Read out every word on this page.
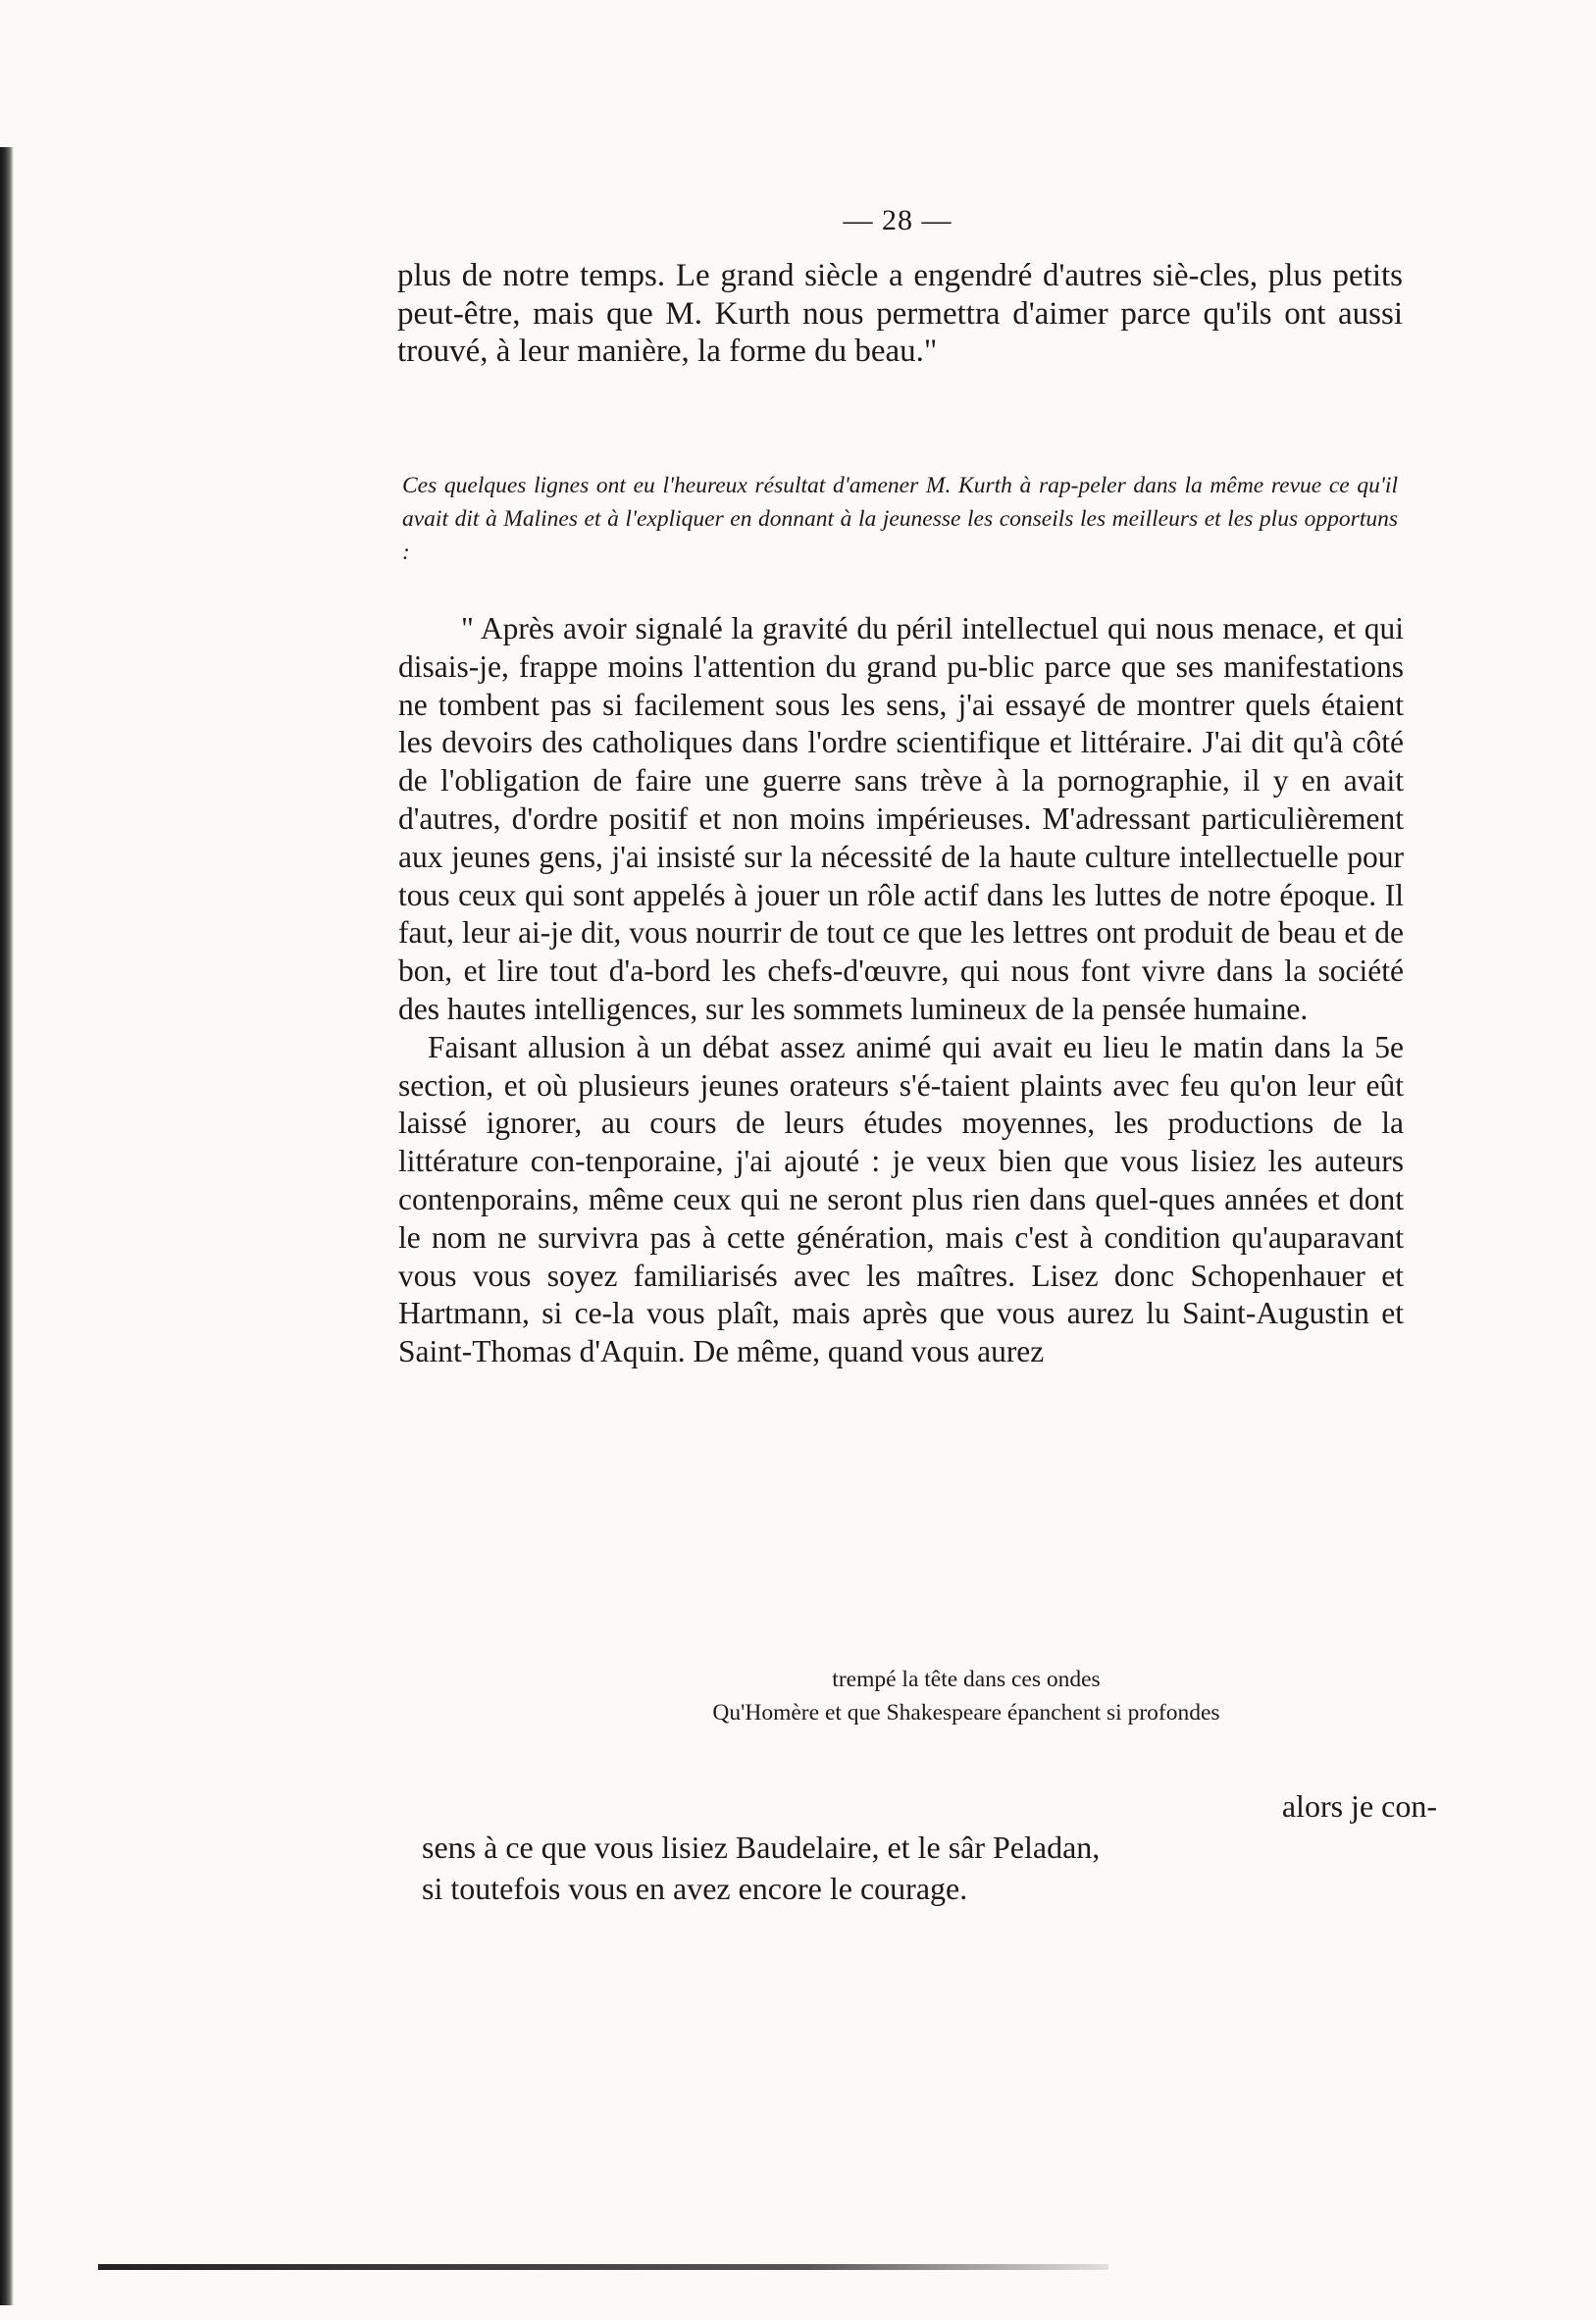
— 28 —

plus de notre temps. Le grand siècle a engendré d'autres siè-cles, plus petits peut-être, mais que M. Kurth nous permettra d'aimer parce qu'ils ont aussi trouvé, à leur manière, la forme du beau."

Ces quelques lignes ont eu l'heureux résultat d'amener M. Kurth à rap-peler dans la même revue ce qu'il avait dit à Malines et à l'expliquer en donnant à la jeunesse les conseils les meilleurs et les plus opportuns :

" Après avoir signalé la gravité du péril intellectuel qui nous menace, et qui disais-je, frappe moins l'attention du grand pu-blic parce que ses manifestations ne tombent pas si facilement sous les sens, j'ai essayé de montrer quels étaient les devoirs des catholiques dans l'ordre scientifique et littéraire. J'ai dit qu'à côté de l'obligation de faire une guerre sans trève à la pornographie, il y en avait d'autres, d'ordre positif et non moins impérieuses. M'adressant particulièrement aux jeunes gens, j'ai insisté sur la nécessité de la haute culture intellectuelle pour tous ceux qui sont appelés à jouer un rôle actif dans les luttes de notre époque. Il faut, leur ai-je dit, vous nourrir de tout ce que les lettres ont produit de beau et de bon, et lire tout d'a-bord les chefs-d'œuvre, qui nous font vivre dans la société des hautes intelligences, sur les sommets lumineux de la pensée humaine.

Faisant allusion à un débat assez animé qui avait eu lieu le matin dans la 5e section, et où plusieurs jeunes orateurs s'é-taient plaints avec feu qu'on leur eût laissé ignorer, au cours de leurs études moyennes, les productions de la littérature con-tenporaine, j'ai ajouté : je veux bien que vous lisiez les auteurs contenporains, même ceux qui ne seront plus rien dans quel-ques années et dont le nom ne survivra pas à cette génération, mais c'est à condition qu'auparavant vous vous soyez familiarisés avec les maîtres. Lisez donc Schopenhauer et Hartmann, si ce-la vous plaît, mais après que vous aurez lu Saint-Augustin et Saint-Thomas d'Aquin. De même, quand vous aurez

trempé la tête dans ces ondes
Qu'Homère et que Shakespeare épanchent si profondes
alors je con-
sens à ce que vous lisiez Baudelaire, et le sâr Peladan,
si toutefois vous en avez encore le courage.
